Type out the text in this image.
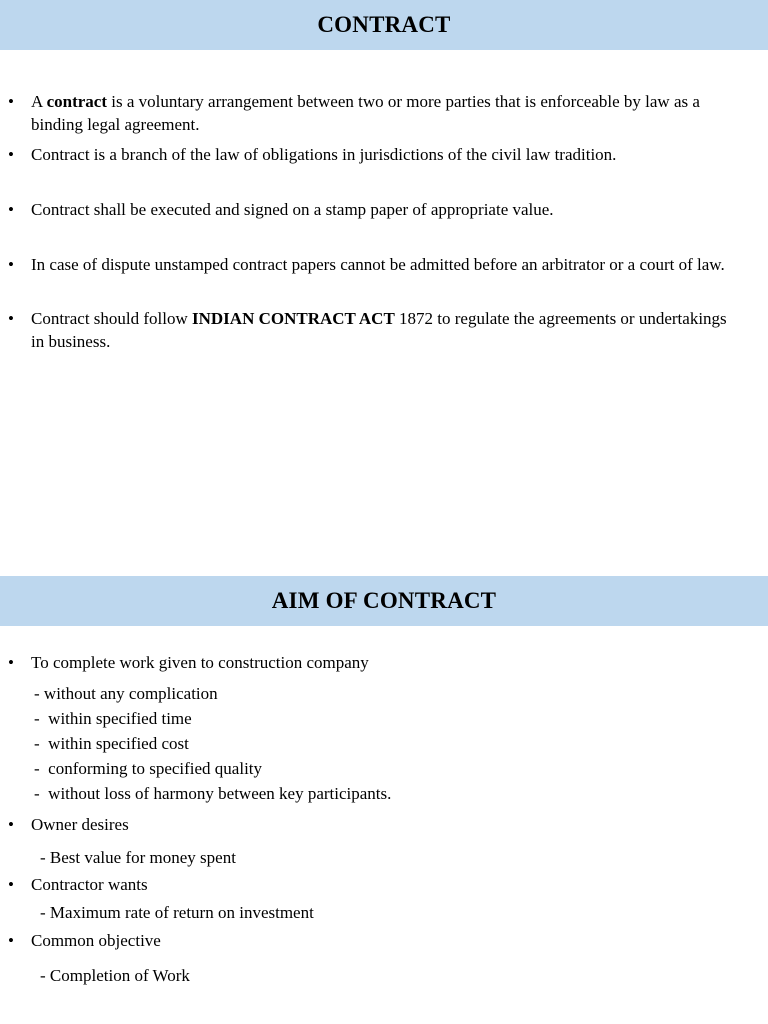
CONTRACT
• A contract is a voluntary arrangement between two or more parties that is enforceable by law as a binding legal agreement.
• Contract is a branch of the law of obligations in jurisdictions of the civil law tradition.
• Contract shall be executed and signed on a stamp paper of appropriate value.
• In case of dispute unstamped contract papers cannot be admitted before an arbitrator or a court of law.
• Contract should follow INDIAN CONTRACT ACT 1872 to regulate the agreements or undertakings in business.
AIM OF CONTRACT
• To complete work given to construction company
- without any complication
-  within specified time
-  within specified cost
-  conforming to specified quality
-  without loss of harmony between key participants.
• Owner desires
- Best value for money spent
• Contractor wants
- Maximum rate of return on investment
• Common objective
- Completion of Work
